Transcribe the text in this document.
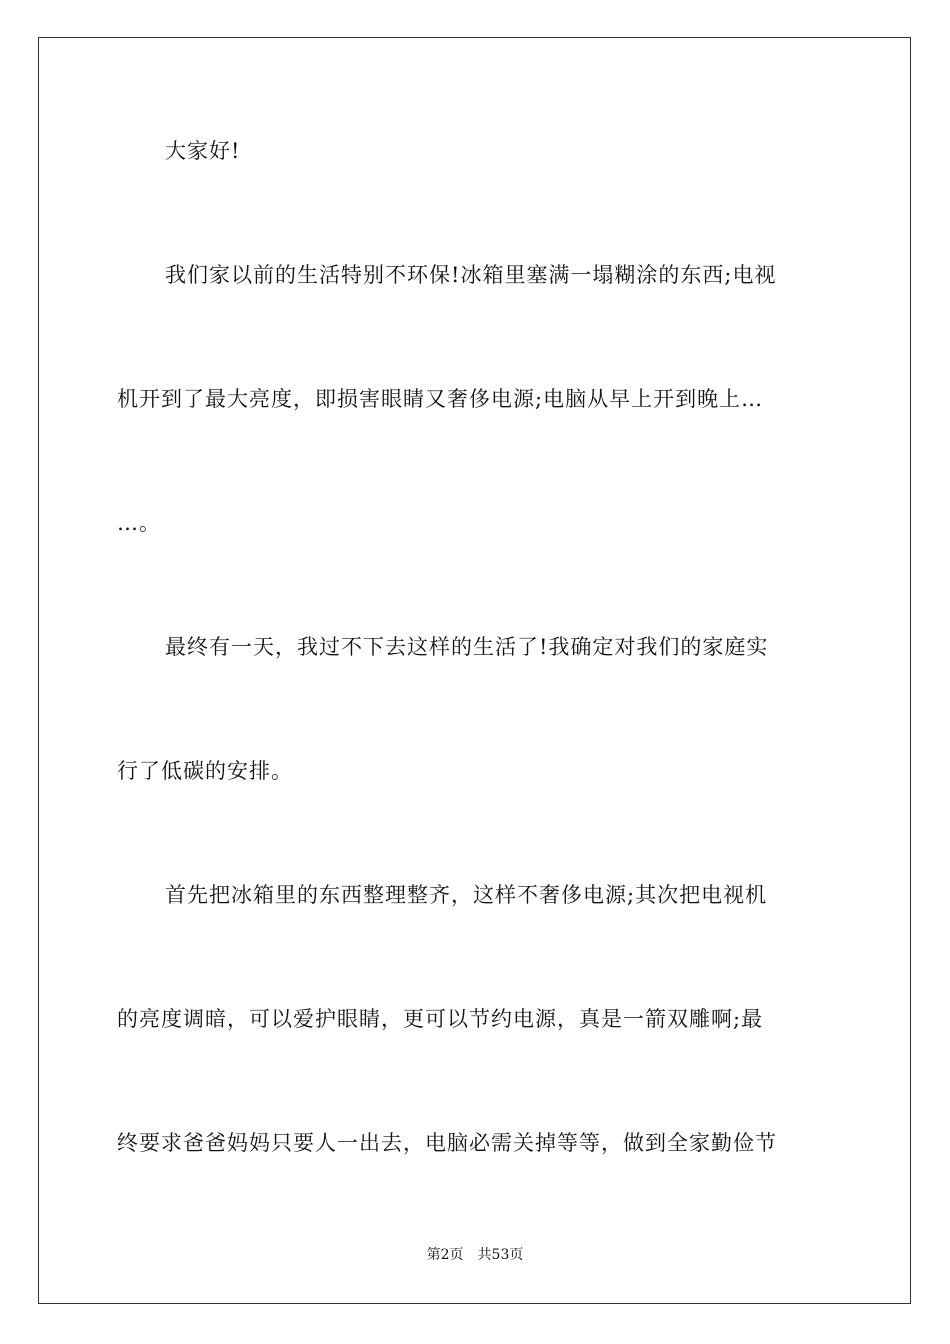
大家好!
我们家以前的生活特别不环保!冰箱里塞满一塌糊涂的东西;电视
机开到了最大亮度，即损害眼睛又奢侈电源;电脑从早上开到晚上…
…。
最终有一天，我过不下去这样的生活了!我确定对我们的家庭实
行了低碳的安排。
首先把冰箱里的东西整理整齐，这样不奢侈电源;其次把电视机
的亮度调暗，可以爱护眼睛，更可以节约电源，真是一箭双雕啊;最
终要求爸爸妈妈只要人一出去，电脑必需关掉等等，做到全家勤俭节
第2页 共53页
